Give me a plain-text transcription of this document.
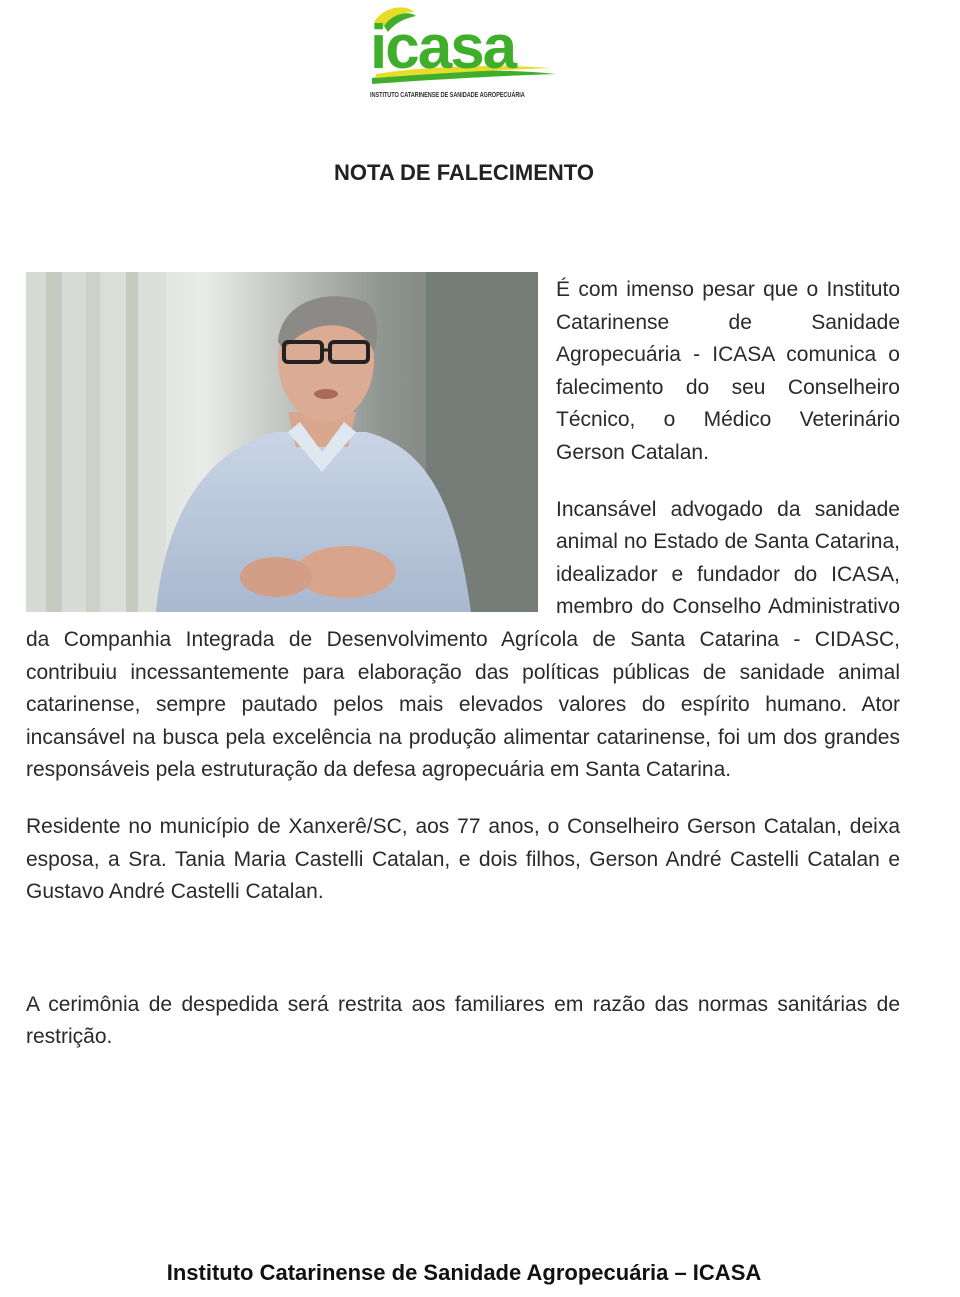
icasa
INSTITUTO CATARINENSE DE SANIDADE AGROPECUÁRIA
NOTA DE FALECIMENTO

É com imenso pesar que o Instituto Catarinense de Sanidade Agropecuária - ICASA comunica o falecimento do seu Conselheiro Técnico, o Médico Veterinário Gerson Catalan.

Incansável advogado da sanidade animal no Estado de Santa Catarina, idealizador e fundador do ICASA, membro do Conselho Administrativo da Companhia Integrada de Desenvolvimento Agrícola de Santa Catarina - CIDASC, contribuiu incessantemente para elaboração das políticas públicas de sanidade animal catarinense, sempre pautado pelos mais elevados valores do espírito humano. Ator incansável na busca pela excelência na produção alimentar catarinense, foi um dos grandes responsáveis pela estruturação da defesa agropecuária em Santa Catarina.

Residente no município de Xanxerê/SC, aos 77 anos, o Conselheiro Gerson Catalan, deixa esposa, a Sra. Tania Maria Castelli Catalan, e dois filhos, Gerson André Castelli Catalan e Gustavo André Castelli Catalan.

A cerimônia de despedida será restrita aos familiares em razão das normas sanitárias de restrição.

Instituto Catarinense de Sanidade Agropecuária – ICASA
